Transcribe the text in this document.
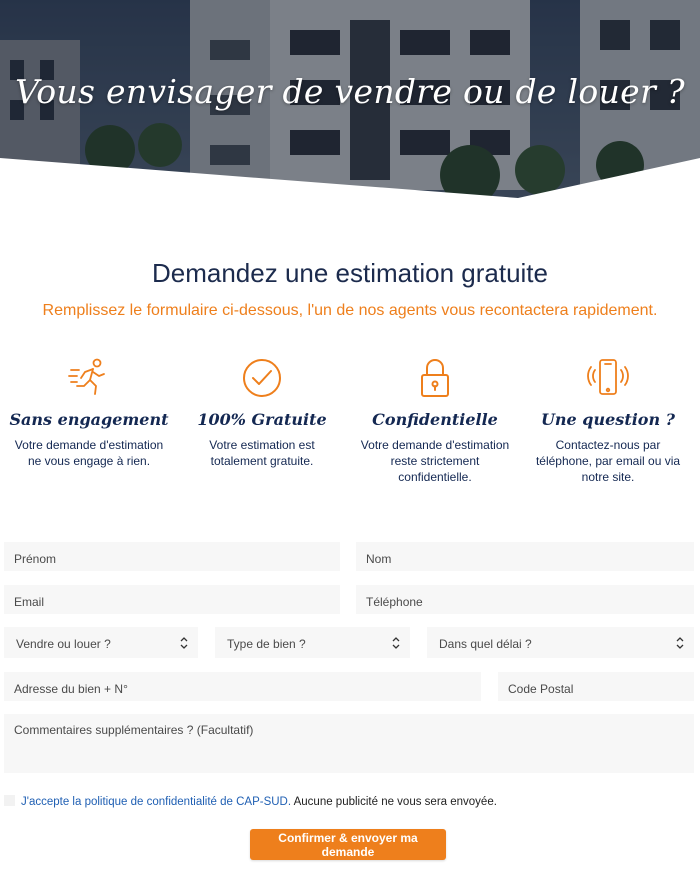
Vous envisager de vendre ou de louer ?
Demandez une estimation gratuite
Remplissez le formulaire ci-dessous, l'un de nos agents vous recontactera rapidement.
Sans engagement
Votre demande d'estimation ne vous engage à rien.
100% Gratuite
Votre estimation est totalement gratuite.
Confidentielle
Votre demande d'estimation reste strictement confidentielle.
Une question ?
Contactez-nous par téléphone, par email ou via notre site.
Prénom	Nom
Email	Téléphone
Vendre ou louer ?	Type de bien ?	Dans quel délai ?
Adresse du bien + N°	Code Postal
Commentaires supplémentaires ? (Facultatif)
J'accepte la politique de confidentialité de CAP-SUD. Aucune publicité ne vous sera envoyée.
Confirmer & envoyer ma demande
